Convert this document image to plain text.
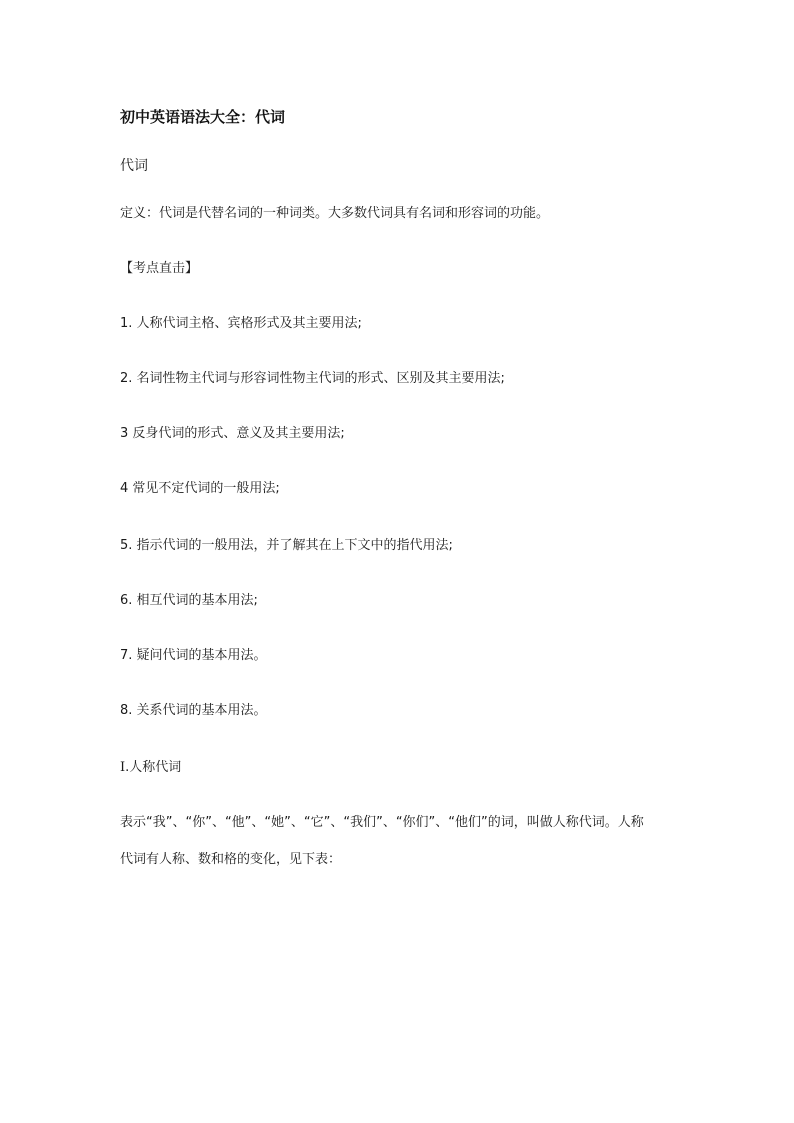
初中英语语法大全：代词
代词
定义：代词是代替名词的一种词类。大多数代词具有名词和形容词的功能。
【考点直击】
1. 人称代词主格、宾格形式及其主要用法;
2. 名词性物主代词与形容词性物主代词的形式、区别及其主要用法;
3 反身代词的形式、意义及其主要用法;
4 常见不定代词的一般用法;
5. 指示代词的一般用法，并了解其在上下文中的指代用法;
6. 相互代词的基本用法;
7. 疑问代词的基本用法。
8. 关系代词的基本用法。
I.人称代词
表示“我”、“你”、“他”、“她”、“它”、“我们”、“你们”、“他们”的词，叫做人称代词。人称
代词有人称、数和格的变化，见下表：
